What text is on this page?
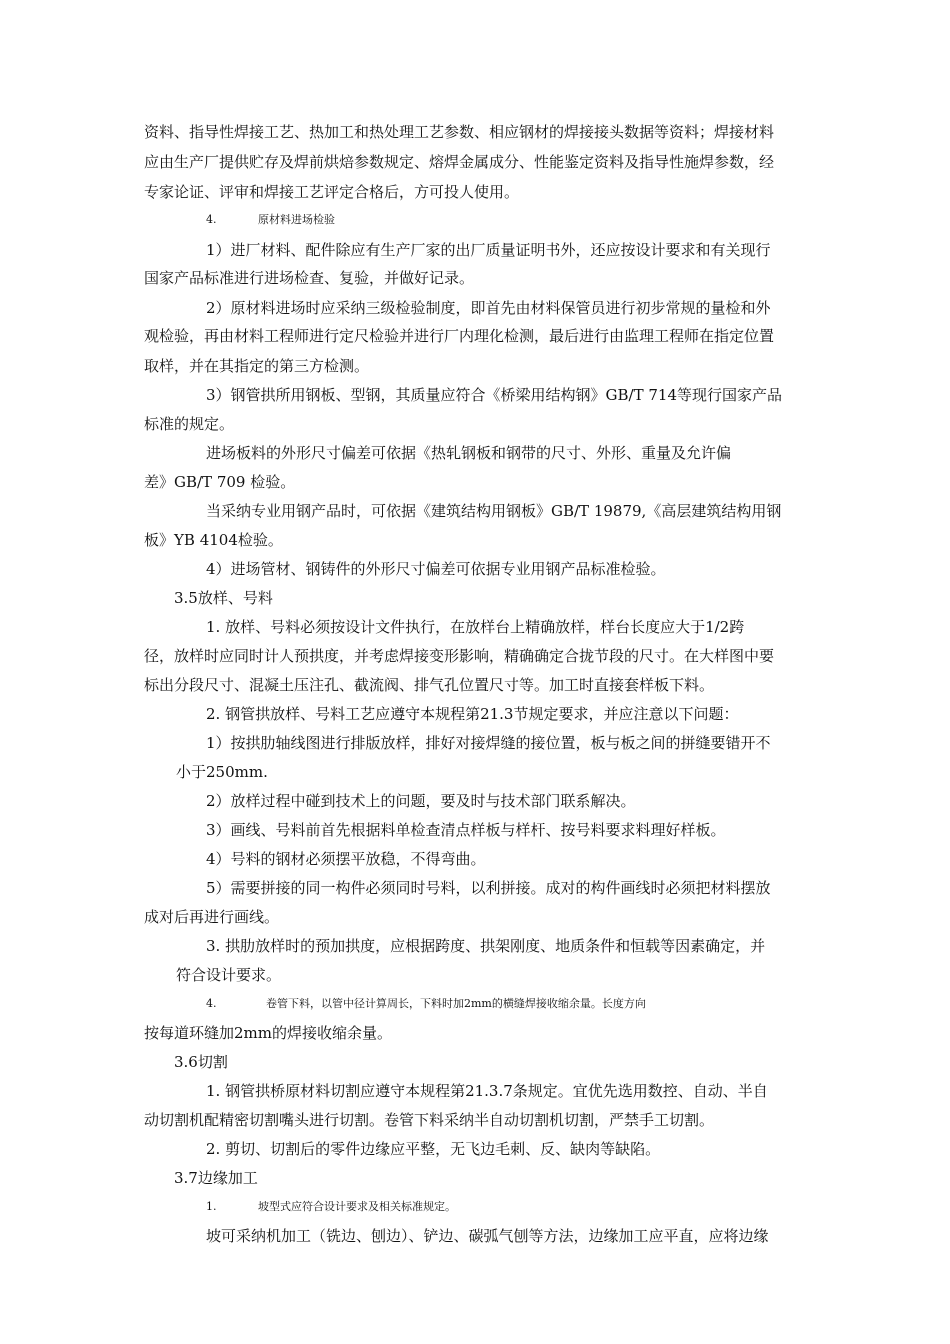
资料、指导性焊接工艺、热加工和热处理工艺参数、相应钢材的焊接接头数据等资料；焊接材料
应由生产厂提供贮存及焊前烘焙参数规定、熔焊金属成分、性能鉴定资料及指导性施焊参数，经
专家论证、评审和焊接工艺评定合格后，方可投人使用。
4.	原材料进场检验
1）进厂材料、配件除应有生产厂家的出厂质量证明书外，还应按设计要求和有关现行
国家产品标准进行进场检查、复验，并做好记录。
2）原材料进场时应采纳三级检验制度，即首先由材料保管员进行初步常规的量检和外
观检验，再由材料工程师进行定尺检验并进行厂内理化检测，最后进行由监理工程师在指定位置
取样，并在其指定的第三方检测。
3）钢管拱所用钢板、型钢，其质量应符合《桥梁用结构钢》GB/T 714等现行国家产品
标准的规定。
进场板料的外形尺寸偏差可依据《热轧钢板和钢带的尺寸、外形、重量及允许偏
差》GB/T 709 检验。
当采纳专业用钢产品时，可依据《建筑结构用钢板》GB/T 19879,《高层建筑结构用钢
板》YB 4104检验。
4）进场管材、钢铸件的外形尺寸偏差可依据专业用钢产品标准检验。
3.5放样、号料
1. 放样、号料必须按设计文件执行，在放样台上精确放样，样台长度应大于1/2跨
径，放样时应同时计人预拱度，并考虑焊接变形影响，精确确定合拢节段的尺寸。在大样图中要
标出分段尺寸、混凝土压注孔、截流阀、排气孔位置尺寸等。加工时直接套样板下料。
2. 钢管拱放样、号料工艺应遵守本规程第21.3节规定要求，并应注意以下问题：
1）按拱肋轴线图进行排版放样，排好对接焊缝的接位置，板与板之间的拼缝要错开不
小于250mm.
2）放样过程中碰到技术上的问题，要及时与技术部门联系解决。
3）画线、号料前首先根据料单检查清点样板与样杆、按号料要求料理好样板。
4）号料的钢材必须摆平放稳，不得弯曲。
5）需要拼接的同一构件必须同时号料，以利拼接。成对的构件画线时必须把材料摆放
成对后再进行画线。
3. 拱肋放样时的预加拱度，应根据跨度、拱架刚度、地质条件和恒载等因素确定，并
符合设计要求。
4.	卷管下料，以管中径计算周长，下料时加2mm的横缝焊接收缩余量。长度方向
按每道环缝加2mm的焊接收缩余量。
3.6切割
1. 钢管拱桥原材料切割应遵守本规程第21.3.7条规定。宜优先选用数控、自动、半自
动切割机配精密切割嘴头进行切割。卷管下料采纳半自动切割机切割，严禁手工切割。
2. 剪切、切割后的零件边缘应平整，无飞边毛刺、反、缺肉等缺陷。
3.7边缘加工
1.	坡型式应符合设计要求及相关标准规定。
坡可采纳机加工（铣边、刨边）、铲边、碳弧气刨等方法，边缘加工应平直，应将边缘
